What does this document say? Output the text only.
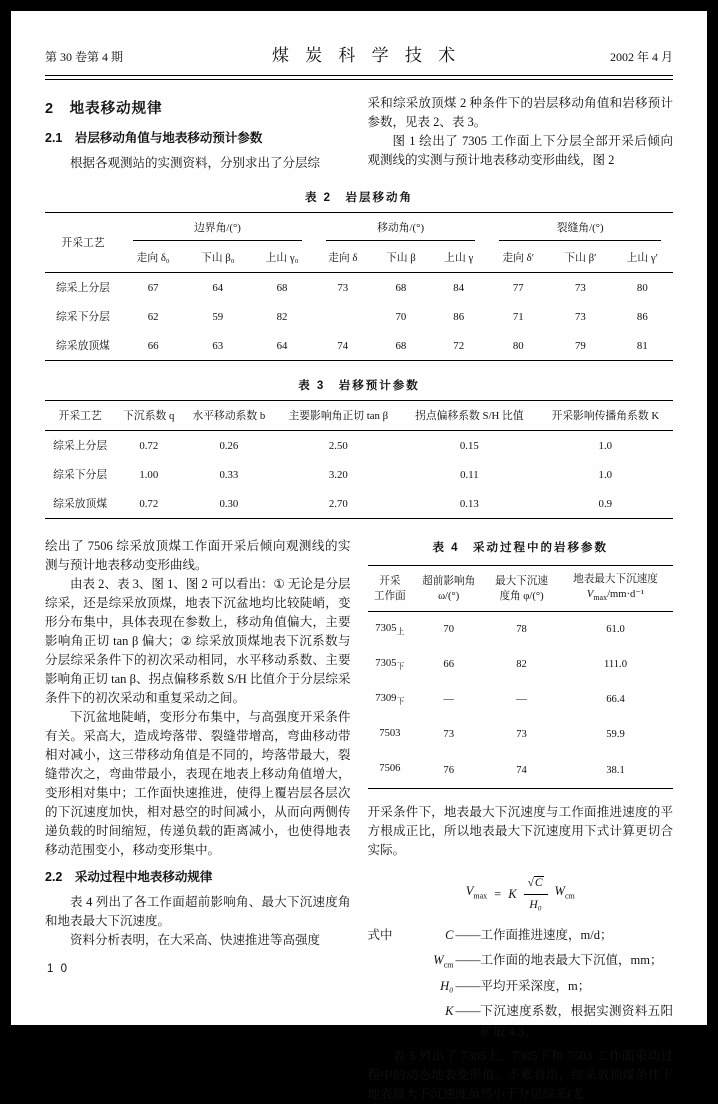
第 30 卷第 4 期	煤 炭 科 学 技 术	2002 年 4 月
2　地表移动规律
2.1　岩层移动角值与地表移动预计参数

根据各观测站的实测资料，分别求出了分层综

采和综采放顶煤 2 种条件下的岩层移动角值和岩移预计参数，见表 2、表 3。

图 1 绘出了 7305 工作面上下分层全部开采后倾向观测线的实测与预计地表移动变形曲线，图 2

表 2　岩层移动角
开采工艺	边界角/(°)			移动角/(°)			裂缝角/(°)		

	走向 δ₀	下山 β₀	上山 γ₀	走向 δ	下山 β	上山 γ	走向 δ′	下山 β′	上山 γ′
综采上分层	67	64	68	73	68	84	77	73	80
综采下分层	62	59	82		70	86	71	73	86
综采放顶煤	66	63	64	74	68	72	80	79	81
表 3　岩移预计参数
开采工艺	下沉系数 q	水平移动系数 b	主要影响角正切 tan β	拐点偏移系数 S/H 比值	开采影响传播角系数 K
综采上分层	0.72	0.26	2.50	0.15	1.0
综采下分层	1.00	0.33	3.20	0.11	1.0
综采放顶煤	0.72	0.30	2.70	0.13	0.9

绘出了 7506 综采放顶煤工作面开采后倾向观测线的实测与预计地表移动变形曲线。

由表 2、表 3、图 1、图 2 可以看出：① 无论是分层综采，还是综采放顶煤，地表下沉盆地均比较陡峭，变形分布集中，具体表现在参数上，移动角值偏大，主要影响角正切 tan β 偏大；② 综采放顶煤地表下沉系数与分层综采条件下的初次采动相同，水平移动系数、主要影响角正切 tan β、拐点偏移系数 S/H 比值介于分层综采条件下的初次采动和重复采动之间。

下沉盆地陡峭，变形分布集中，与高强度开采条件有关。采高大，造成垮落带、裂缝带增高，弯曲移动带相对减小，这三带移动角值是不同的，垮落带最大，裂缝带次之，弯曲带最小，表现在地表上移动角值增大，变形相对集中；工作面快速推进，使得上覆岩层各层次的下沉速度加快，相对悬空的时间减小，从而向两侧传递负载的时间缩短，传递负载的距离减小，也使得地表移动范围变小，移动变形集中。

2.2　采动过程中地表移动规律

表 4 列出了各工作面超前影响角、最大下沉速度角和地表最大下沉速度。

资料分析表明，在大采高、快速推进等高强度

1 0
表 4　采动过程中的岩移参数
开采
工作面	超前影响角
ω/(°)	最大下沉速
度角 φ/(°)	地表最大下沉速度
$V_{max}/mm\cdot d^{-1}$
$7305_上$	70	78	61.0
$7305_下$	66	82	111.0
$7309_下$	—	—	66.4
7503	73	73	59.9
7506	76	74	38.1

开采条件下，地表最大下沉速度与工作面推进速度的平方根成正比，所以地表最大下沉速度用下式计算更切合实际。

$V_{max} = K \frac{√C}{\text{H₀}} W_{cm}$
式中	C —— 工作面推进速度，m/d；
$W_{cm}$ —— 工作面的地表最大下沉值，mm；
H₀ —— 平均开采深度，m；
K —— 下沉速度系数，根据实测资料五阳矿取 4.3。

表 5 列出了 7305上、7305下和 7503 工作面采动过程中的动态地表变形值。不难看出，综采放顶煤条件下地表最大下沉速度虽然小于分层综采(尤
